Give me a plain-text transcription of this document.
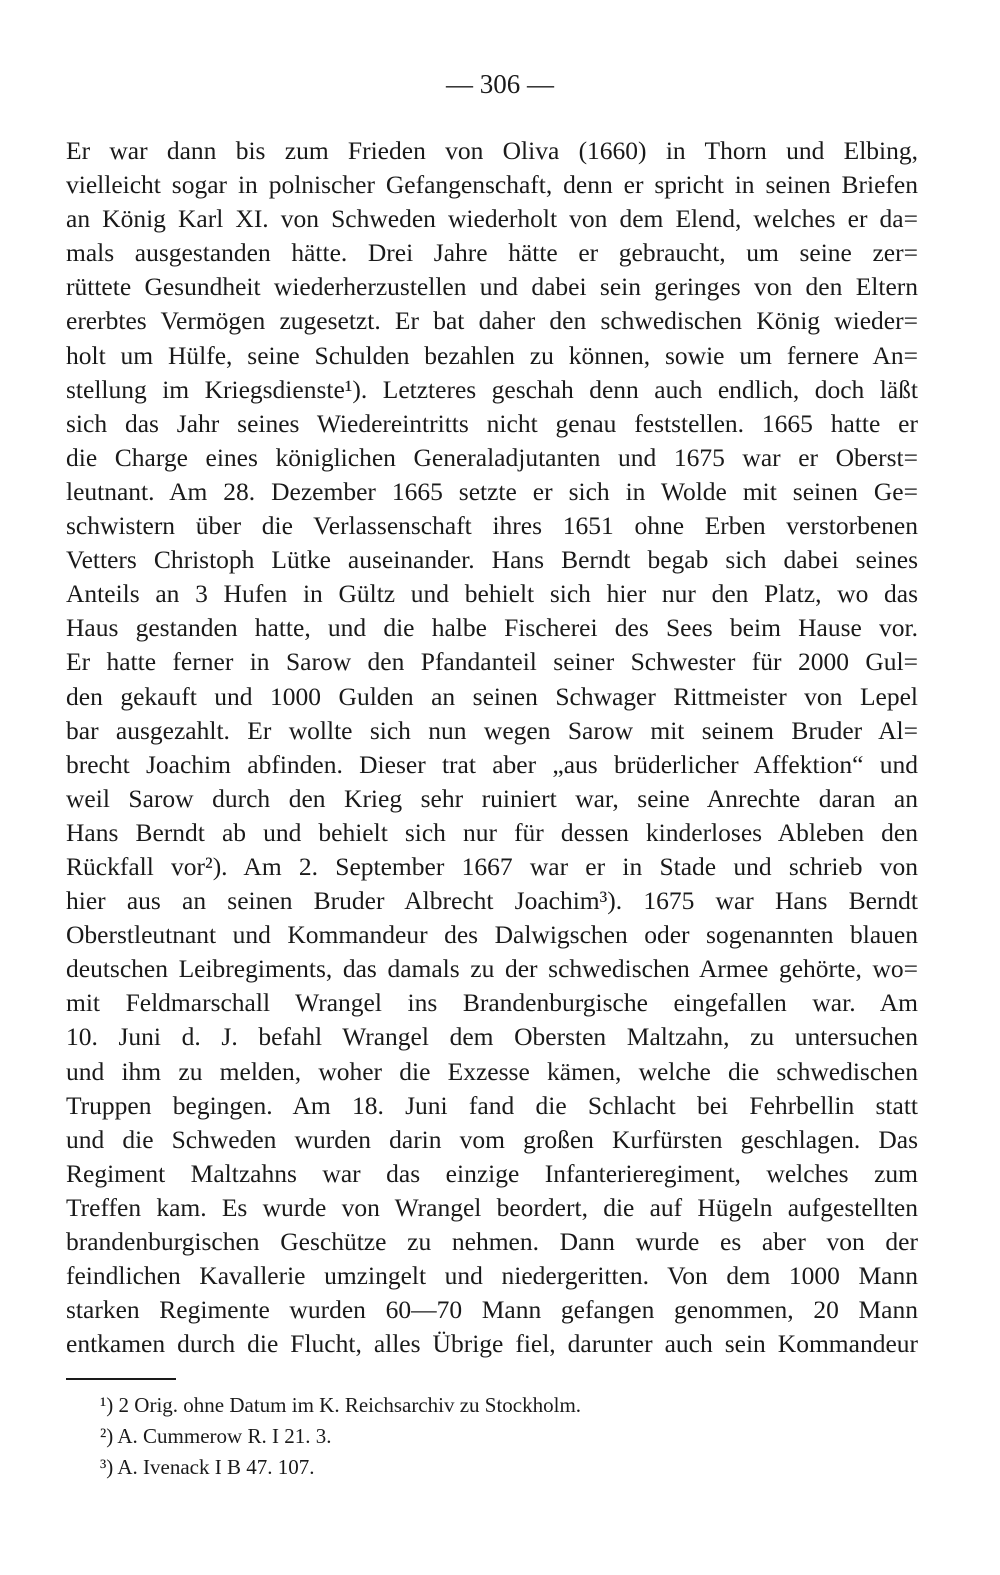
— 306 —
Er war dann bis zum Frieden von Oliva (1660) in Thorn und Elbing,
vielleicht sogar in polnischer Gefangenschaft, denn er spricht in seinen Briefen
an König Karl XI. von Schweden wiederholt von dem Elend, welches er da=
mals ausgestanden hätte. Drei Jahre hätte er gebraucht, um seine zer=
rüttete Gesundheit wiederherzustellen und dabei sein geringes von den Eltern
ererbtes Vermögen zugesetzt. Er bat daher den schwedischen König wieder=
holt um Hülfe, seine Schulden bezahlen zu können, sowie um fernere An=
stellung im Kriegsdienste¹). Letzteres geschah denn auch endlich, doch läßt
sich das Jahr seines Wiedereintritts nicht genau feststellen. 1665 hatte er
die Charge eines königlichen Generaladjutanten und 1675 war er Oberst=
leutnant. Am 28. Dezember 1665 setzte er sich in Wolde mit seinen Ge=
schwistern über die Verlassenschaft ihres 1651 ohne Erben verstorbenen
Vetters Christoph Lütke auseinander. Hans Berndt begab sich dabei seines
Anteils an 3 Hufen in Gültz und behielt sich hier nur den Platz, wo das
Haus gestanden hatte, und die halbe Fischerei des Sees beim Hause vor.
Er hatte ferner in Sarow den Pfandanteil seiner Schwester für 2000 Gul=
den gekauft und 1000 Gulden an seinen Schwager Rittmeister von Lepel
bar ausgezahlt. Er wollte sich nun wegen Sarow mit seinem Bruder Al=
brecht Joachim abfinden. Dieser trat aber „aus brüderlicher Affektion“ und
weil Sarow durch den Krieg sehr ruiniert war, seine Anrechte daran an
Hans Berndt ab und behielt sich nur für dessen kinderloses Ableben den
Rückfall vor²). Am 2. September 1667 war er in Stade und schrieb von
hier aus an seinen Bruder Albrecht Joachim³). 1675 war Hans Berndt
Oberstleutnant und Kommandeur des Dalwigschen oder sogenannten blauen
deutschen Leibregiments, das damals zu der schwedischen Armee gehörte, wo=
mit Feldmarschall Wrangel ins Brandenburgische eingefallen war. Am
10. Juni d. J. befahl Wrangel dem Obersten Maltzahn, zu untersuchen
und ihm zu melden, woher die Exzesse kämen, welche die schwedischen
Truppen begingen. Am 18. Juni fand die Schlacht bei Fehrbellin statt
und die Schweden wurden darin vom großen Kurfürsten geschlagen. Das
Regiment Maltzahns war das einzige Infanterieregiment, welches zum
Treffen kam. Es wurde von Wrangel beordert, die auf Hügeln aufgestellten
brandenburgischen Geschütze zu nehmen. Dann wurde es aber von der
feindlichen Kavallerie umzingelt und niedergeritten. Von dem 1000 Mann
starken Regimente wurden 60—70 Mann gefangen genommen, 20 Mann
entkamen durch die Flucht, alles Übrige fiel, darunter auch sein Kommandeur
¹) 2 Orig. ohne Datum im K. Reichsarchiv zu Stockholm.
²) A. Cummerow R. I 21. 3.
³) A. Ivenack I B 47. 107.
